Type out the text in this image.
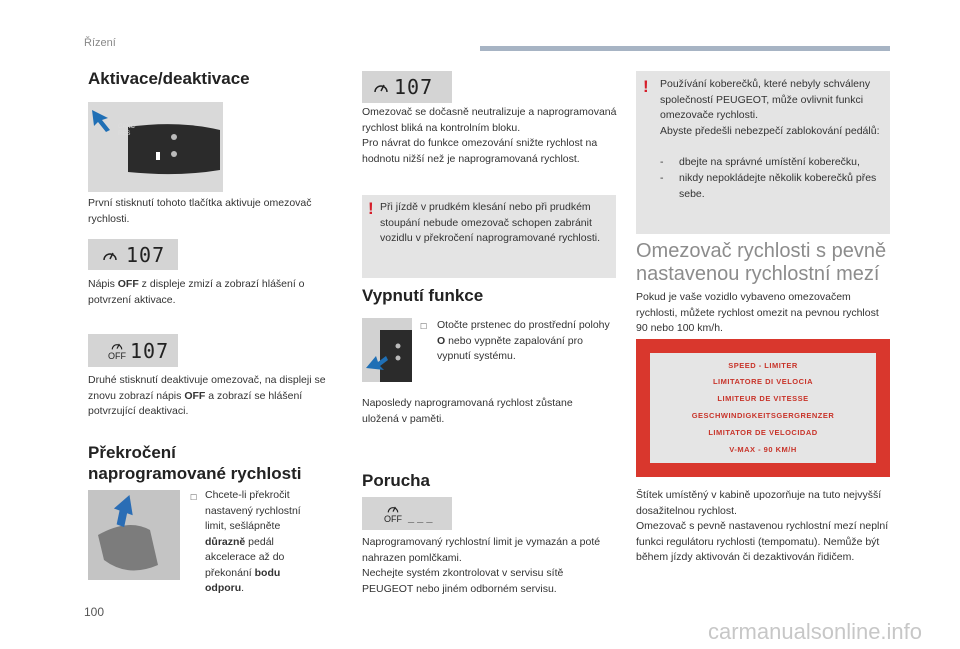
Řízení
Aktivace/deaktivace
CANC
RES
První stisknutí tohoto tlačítka aktivuje omezovač rychlosti.
107
Nápis OFF z displeje zmizí a zobrazí hlášení o potvrzení aktivace.
OFF 107
Druhé stisknutí deaktivuje omezovač, na displeji se znovu zobrazí nápis OFF a zobrazí se hlášení potvrzující deaktivaci.
Překročení
naprogramované rychlosti
☐ Chcete-li překročit nastavený rychlostní limit, sešlápněte důrazně pedál akcelerace až do překonání bodu odporu.
107
Omezovač se dočasně neutralizuje a naprogramovaná rychlost bliká na kontrolním bloku.
Pro návrat do funkce omezování snižte rychlost na hodnotu nižší než je naprogramovaná rychlost.
! Při jízdě v prudkém klesání nebo při prudkém stoupání nebude omezovač schopen zabránit vozidlu v překročení naprogramované rychlosti.
Vypnutí funkce
☐ Otočte prstenec do prostřední polohy O nebo vypněte zapalování pro vypnutí systému.
Naposledy naprogramovaná rychlost zůstane uložená v paměti.
Porucha
OFF _ _ _
Naprogramovaný rychlostní limit je vymazán a poté nahrazen pomlčkami.
Nechejte systém zkontrolovat v servisu sítě PEUGEOT nebo jiném odborném servisu.
! Používání koberečků, které nebyly schváleny společností PEUGEOT, může ovlivnit funkci omezovače rychlosti.
Abyste předešli nebezpečí zablokování pedálů:
- dbejte na správné umístění koberečku,
- nikdy nepokládejte několik koberečků přes sebe.
Omezovač rychlosti s pevně
nastavenou rychlostní mezí
Pokud je vaše vozidlo vybaveno omezovačem rychlosti, můžete rychlost omezit na pevnou rychlost 90 nebo 100 km/h.
SPEED - LIMITER
LIMITATORE DI VELOCIA
LIMITEUR DE VITESSE
GESCHWINDIGKEITSGERGRENZER
LIMITATOR DE VELOCIDAD
V-MAX - 90 KM/H
Štítek umístěný v kabině upozorňuje na tuto nejvyšší dosažitelnou rychlost.
Omezovač s pevně nastavenou rychlostní mezí neplní funkci regulátoru rychlosti (tempomatu). Nemůže být během jízdy aktivován či dezaktivován řidičem.
100
carmanualsonline.info
